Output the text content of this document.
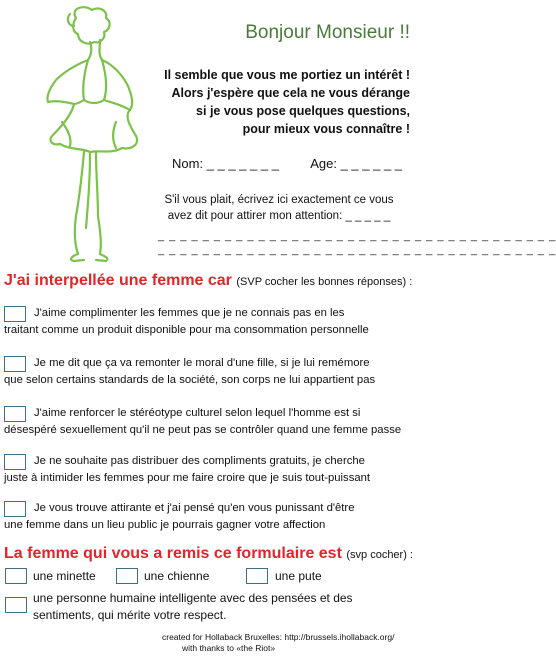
Bonjour Monsieur !!
Il semble que vous me portiez un intérêt !
Alors j'espère que cela ne vous dérange
si je vous pose quelques questions,
pour mieux vous connaître !
Nom: _ _ _ _ _ _ _ Age: _ _ _ _ _ _
S'il vous plait, écrivez ici exactement ce vous
avez dit pour attirer mon attention: _ _ _ _ _
_ _ _ _ _ _ _ _ _ _ _ _ _ _ _ _ _ _ _ _ _ _ _ _ _ _ _ _ _ _ _ _ _ _ _ _
_ _ _ _ _ _ _ _ _ _ _ _ _ _ _ _ _ _ _ _ _ _ _ _ _ _ _ _ _ _ _ _ _ _ _ _
J'ai interpellée une femme car (SVP cocher les bonnes réponses) :
J'aime complimenter les femmes que je ne connais pas en les
traitant comme un produit disponible pour ma consommation personnelle
Je me dit que ça va remonter le moral d'une fille, si je lui remémore
que selon certains standards de la société, son corps ne lui appartient pas
J'aime renforcer le stéréotype culturel selon lequel l'homme est si
désespéré sexuellement qu'il ne peut pas se contrôler quand une femme passe
Je ne souhaite pas distribuer des compliments gratuits, je cherche
juste à intimider les femmes pour me faire croire que je suis tout-puissant
Je vous trouve attirante et j'ai pensé qu'en vous punissant d'être
une femme dans un lieu public je pourrais gagner votre affection
La femme qui vous a remis ce formulaire est (svp cocher) :
une minette	une chienne	une pute
une personne humaine intelligente avec des pensées et des
sentiments, qui mérite votre respect.
created for Hollaback Bruxelles: http://brussels.ihollaback.org/
with thanks to «the Riot»
